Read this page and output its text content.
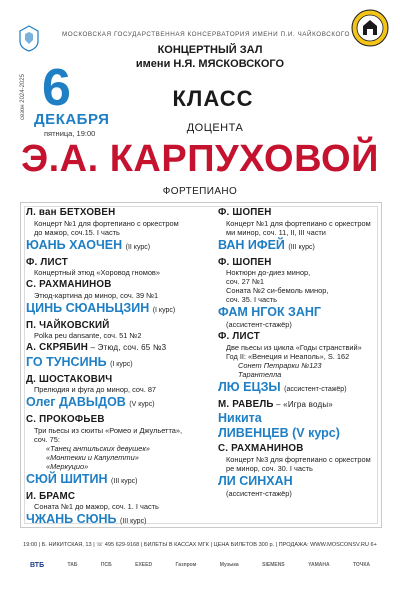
МОСКОВСКАЯ ГОСУДАРСТВЕННАЯ КОНСЕРВАТОРИЯ ИМЕНИ П.И. ЧАЙКОВСКОГО
КОНЦЕРТНЫЙ ЗАЛ
имени Н.Я. МЯСКОВСКОГО
сезон 2024-2025 6
ДЕКАБРЯ
пятница, 19:00
КЛАСС
ДОЦЕНТА
Э.А. КАРПУХОВОЙ
ФОРТЕПИАНО
Л. ван БЕТХОВЕН
Концерт №1 для фортепиано с оркестром
до мажор, соч.15. I часть
ЮАНЬ ХАОЧЕН (II курс)
Ф. ЛИСТ
Концертный этюд «Хоровод гномов»
С. РАХМАНИНОВ
Этюд-картина до минор, соч. 39 №1
ЦИНЬ СЮАНЬЦЗИН (I курс)
П. ЧАЙКОВСКИЙ
Polka peu dansante, соч. 51 №2
А. СКРЯБИН – Этюд, соч. 65 №3
ГО ТУНСИНЬ (I курс)
Д. ШОСТАКОВИЧ
Прелюдия и фуга до минор, соч. 87
Олег ДАВЫДОВ (V курс)
С. ПРОКОФЬЕВ
Три пьесы из сюиты «Ромео и Джульетта»,
соч. 75:
«Танец антильских девушек»
«Монтекки и Капулетти»
«Меркуцио»
СЮЙ ШИТИН (III курс)
И. БРАМС
Соната №1 до мажор, соч. 1. I часть
ЧЖАНЬ СЮНЬ (III курс)
Ф. ШОПЕН
Концерт №1 для фортепиано с оркестром
ми минор, соч. 11, II, III части
ВАН ИФЕЙ (III курс)
Ф. ШОПЕН
Ноктюрн до-диез минор,
соч. 27 №1
Соната №2 си-бемоль минор,
соч. 35. I часть
ФАМ НГОК ЗАНГ
(ассистент-стажёр)
Ф. ЛИСТ
Две пьесы из цикла «Годы странствий»
Год II: «Венеция и Неаполь», S. 162
Сонет Петрарки №123
Тарантелла
ЛЮ ЕЦЗЫ (ассистент-стажёр)
М. РАВЕЛЬ – «Игра воды»
Никита
ЛИВЕНЦЕВ (V курс)
С. РАХМАНИНОВ
Концерт №3 для фортепиано с оркестром
ре минор, соч. 30. I часть
ЛИ СИНХАН
(ассистент-стажёр)
19:00 | Б. НИКИТСКАЯ, 13 | ☏ 495 629-9168 | БИЛЕТЫ В КАССАХ МГК | ЦЕНА БИЛЕТОВ 300 р. | ПРОДАЖА: WWW.MOSCONSV.RU 6+
ВТБ	ТАБ	ПСБ	EXEED	Газпром	Музыка	SIEMENS	YAMAHA	ТОЧКА
